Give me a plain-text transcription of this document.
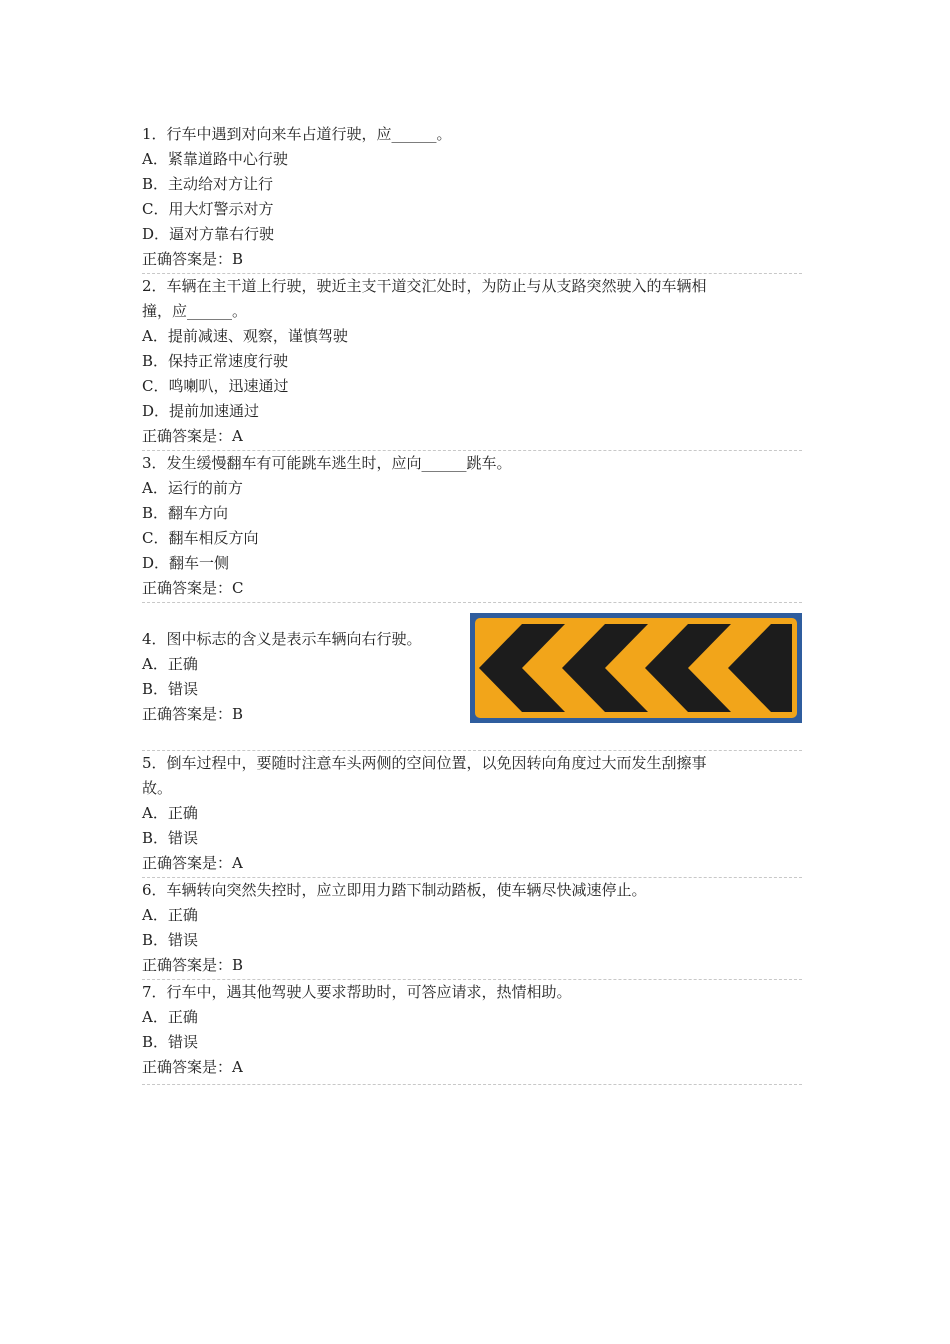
1．行车中遇到对向来车占道行驶，应______。
A．紧靠道路中心行驶
B．主动给对方让行
C．用大灯警示对方
D．逼对方靠右行驶
正确答案是：B
2．车辆在主干道上行驶，驶近主支干道交汇处时，为防止与从支路突然驶入的车辆相
撞，应______。
A．提前减速、观察，谨慎驾驶
B．保持正常速度行驶
C．鸣喇叭，迅速通过
D．提前加速通过
正确答案是：A
3．发生缓慢翻车有可能跳车逃生时，应向______跳车。
A．运行的前方
B．翻车方向
C．翻车相反方向
D．翻车一侧
正确答案是：C
4．图中标志的含义是表示车辆向右行驶。
A．正确
B．错误
正确答案是：B
5．倒车过程中，要随时注意车头两侧的空间位置，以免因转向角度过大而发生刮擦事
故。
A．正确
B．错误
正确答案是：A
6．车辆转向突然失控时，应立即用力踏下制动踏板，使车辆尽快减速停止。
A．正确
B．错误
正确答案是：B
7．行车中，遇其他驾驶人要求帮助时，可答应请求，热情相助。
A．正确
B．错误
正确答案是：A
